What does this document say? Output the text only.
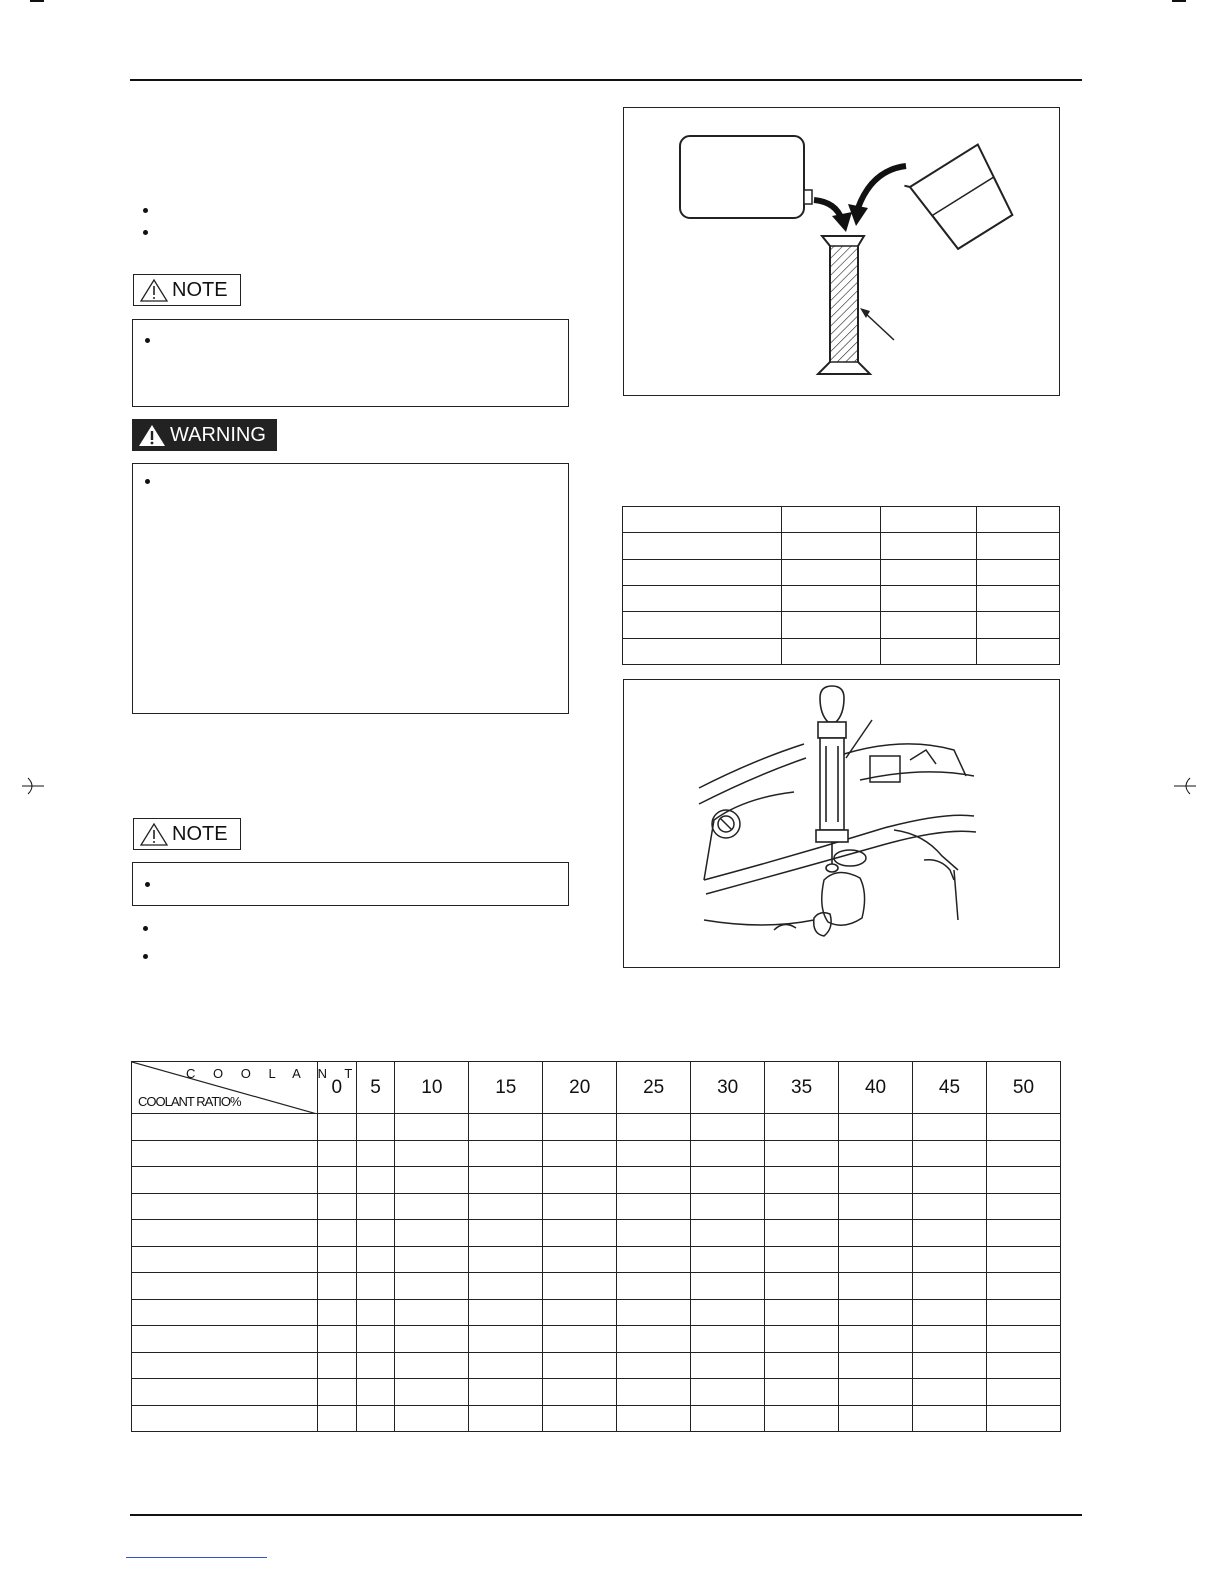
NOTE
WARNING
NOTE

C O O L A N T
COOLANT RATIO%	0	5	10	15	20	25	30	35	40	45	50
